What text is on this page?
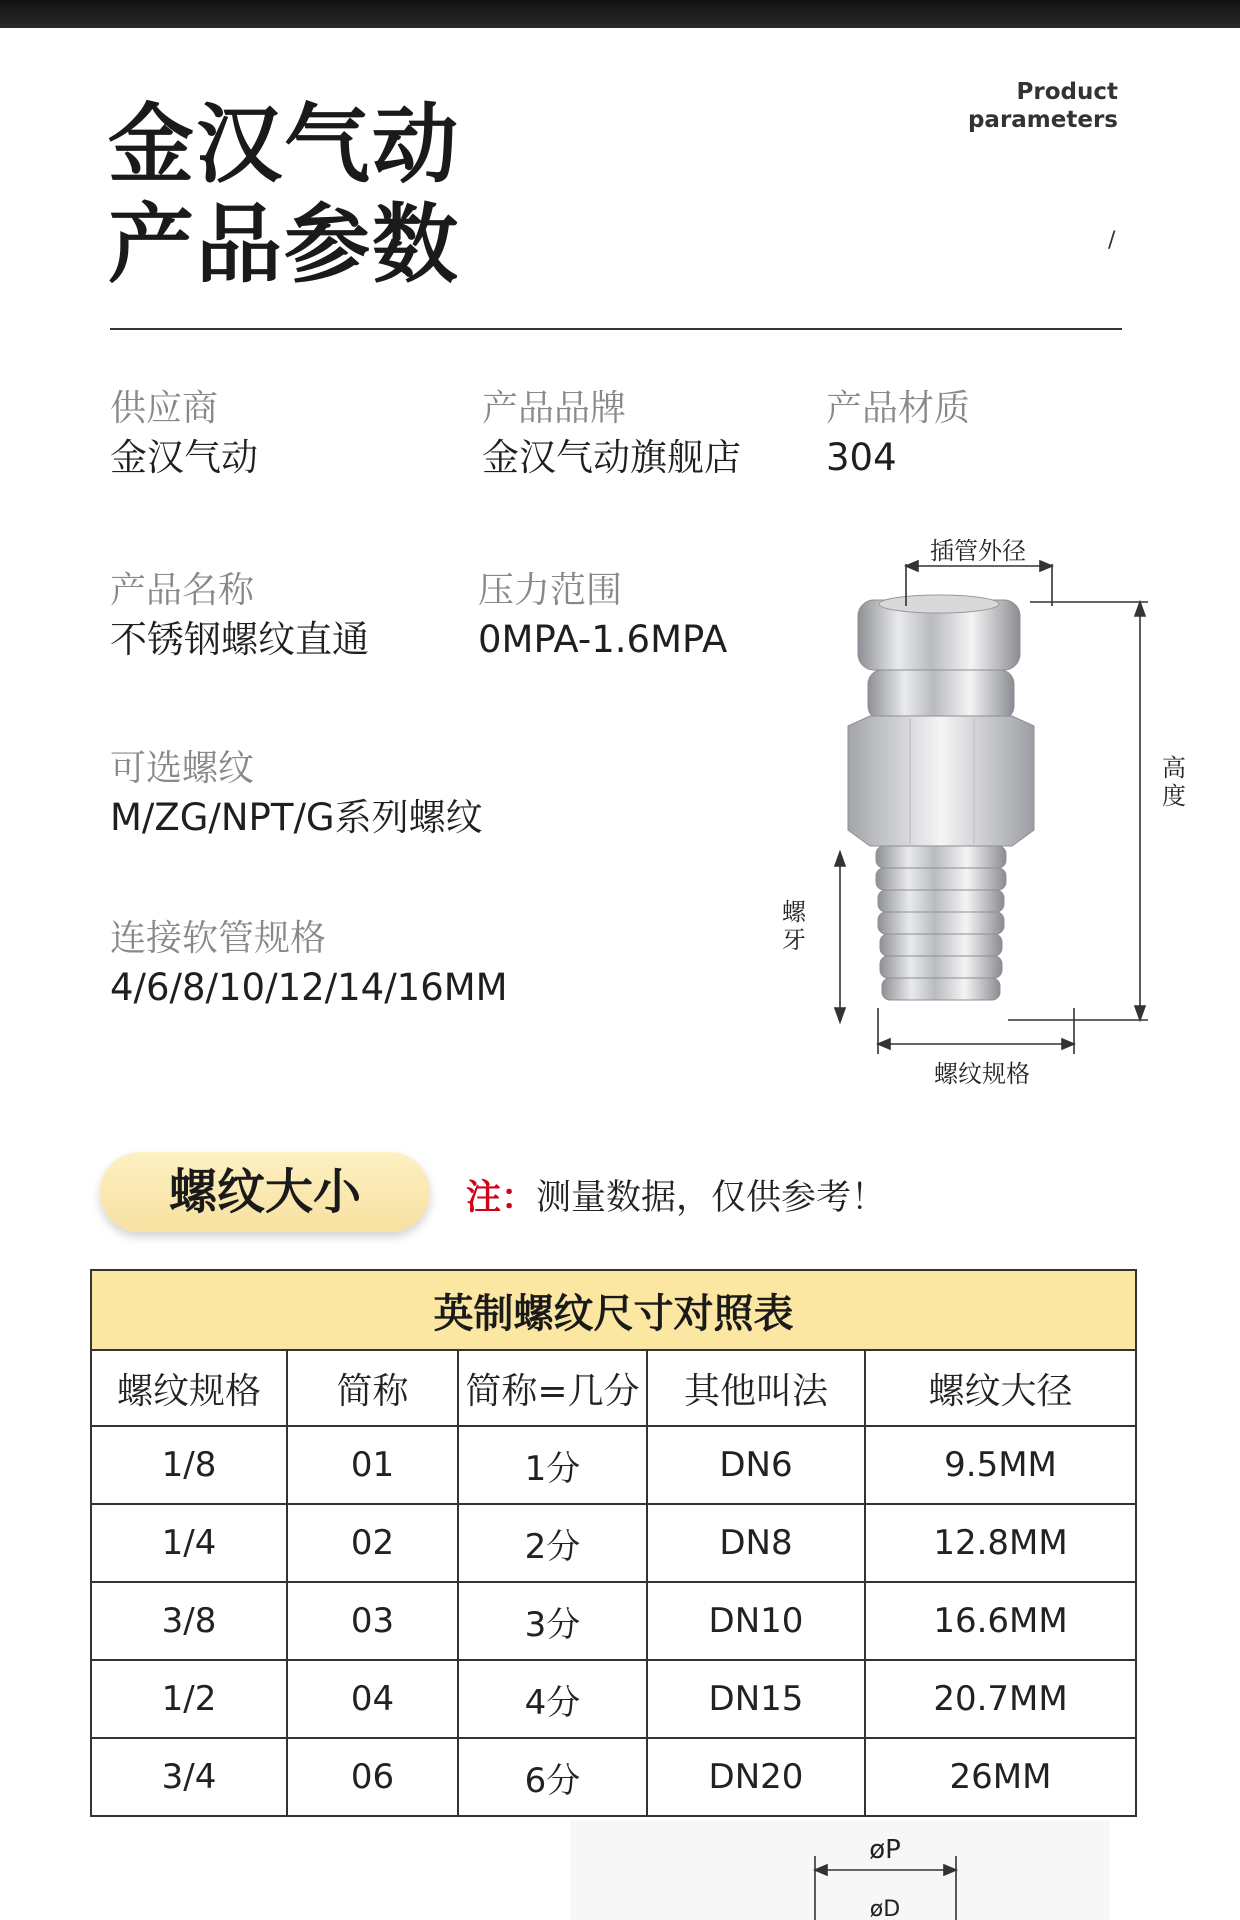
金汉气动
产品参数
Product
parameters
/
供应商
金汉气动
产品品牌
金汉气动旗舰店
产品材质
304
产品名称
不锈钢螺纹直通
压力范围
0MPA-1.6MPA
可选螺纹
M/ZG/NPT/G系列螺纹
连接软管规格
4/6/8/10/12/14/16MM
插管外径
高
度
螺
牙
螺纹规格
螺纹大小	注：测量数据，仅供参考！
英制螺纹尺寸对照表				
螺纹规格	简称	简称=几分	其他叫法	螺纹大径
1/8	01	1分	DN6	9.5MM
1/4	02	2分	DN8	12.8MM
3/8	03	3分	DN10	16.6MM
1/2	04	4分	DN15	20.7MM
3/4	06	6分	DN20	26MM
øP
øD
